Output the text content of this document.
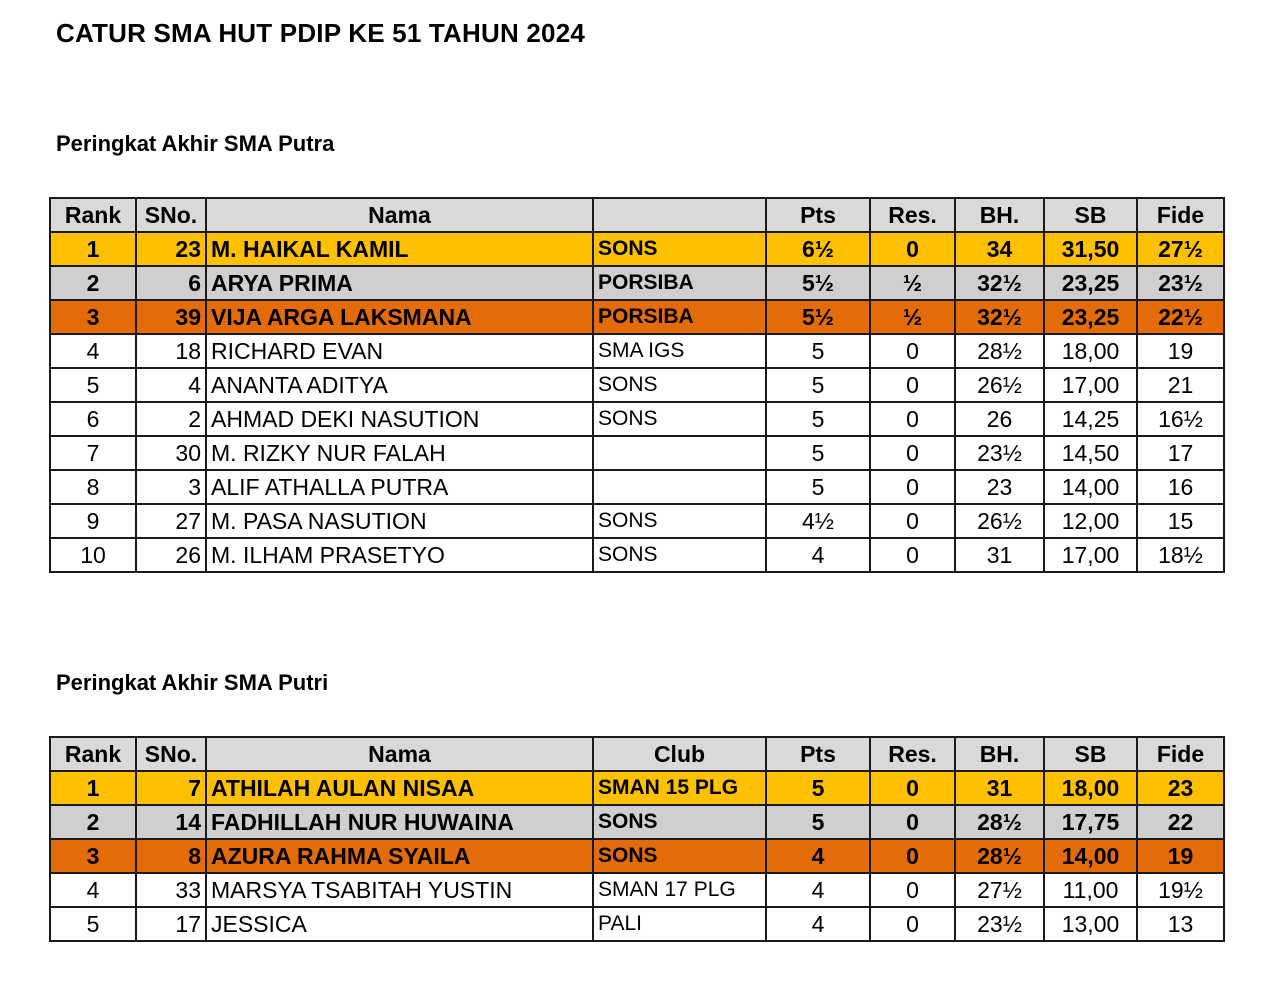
CATUR SMA HUT PDIP KE 51 TAHUN 2024
Peringkat Akhir SMA Putra
Rank	SNo.	Nama		Pts	Res.	BH.	SB	Fide
1	23	M. HAIKAL KAMIL	SONS	6½	0	34	31,50	27½
2	6	ARYA PRIMA	PORSIBA	5½	½	32½	23,25	23½
3	39	VIJA ARGA LAKSMANA	PORSIBA	5½	½	32½	23,25	22½
4	18	RICHARD EVAN	SMA IGS	5	0	28½	18,00	19
5	4	ANANTA ADITYA	SONS	5	0	26½	17,00	21
6	2	AHMAD DEKI NASUTION	SONS	5	0	26	14,25	16½
7	30	M. RIZKY NUR FALAH		5	0	23½	14,50	17
8	3	ALIF ATHALLA PUTRA		5	0	23	14,00	16
9	27	M. PASA NASUTION	SONS	4½	0	26½	12,00	15
10	26	M. ILHAM PRASETYO	SONS	4	0	31	17,00	18½
Peringkat Akhir SMA Putri
Rank	SNo.	Nama	Club	Pts	Res.	BH.	SB	Fide
1	7	ATHILAH AULAN NISAA	SMAN 15 PLG	5	0	31	18,00	23
2	14	FADHILLAH NUR HUWAINA	SONS	5	0	28½	17,75	22
3	8	AZURA RAHMA SYAILA	SONS	4	0	28½	14,00	19
4	33	MARSYA TSABITAH YUSTIN	SMAN 17 PLG	4	0	27½	11,00	19½
5	17	JESSICA	PALI	4	0	23½	13,00	13
